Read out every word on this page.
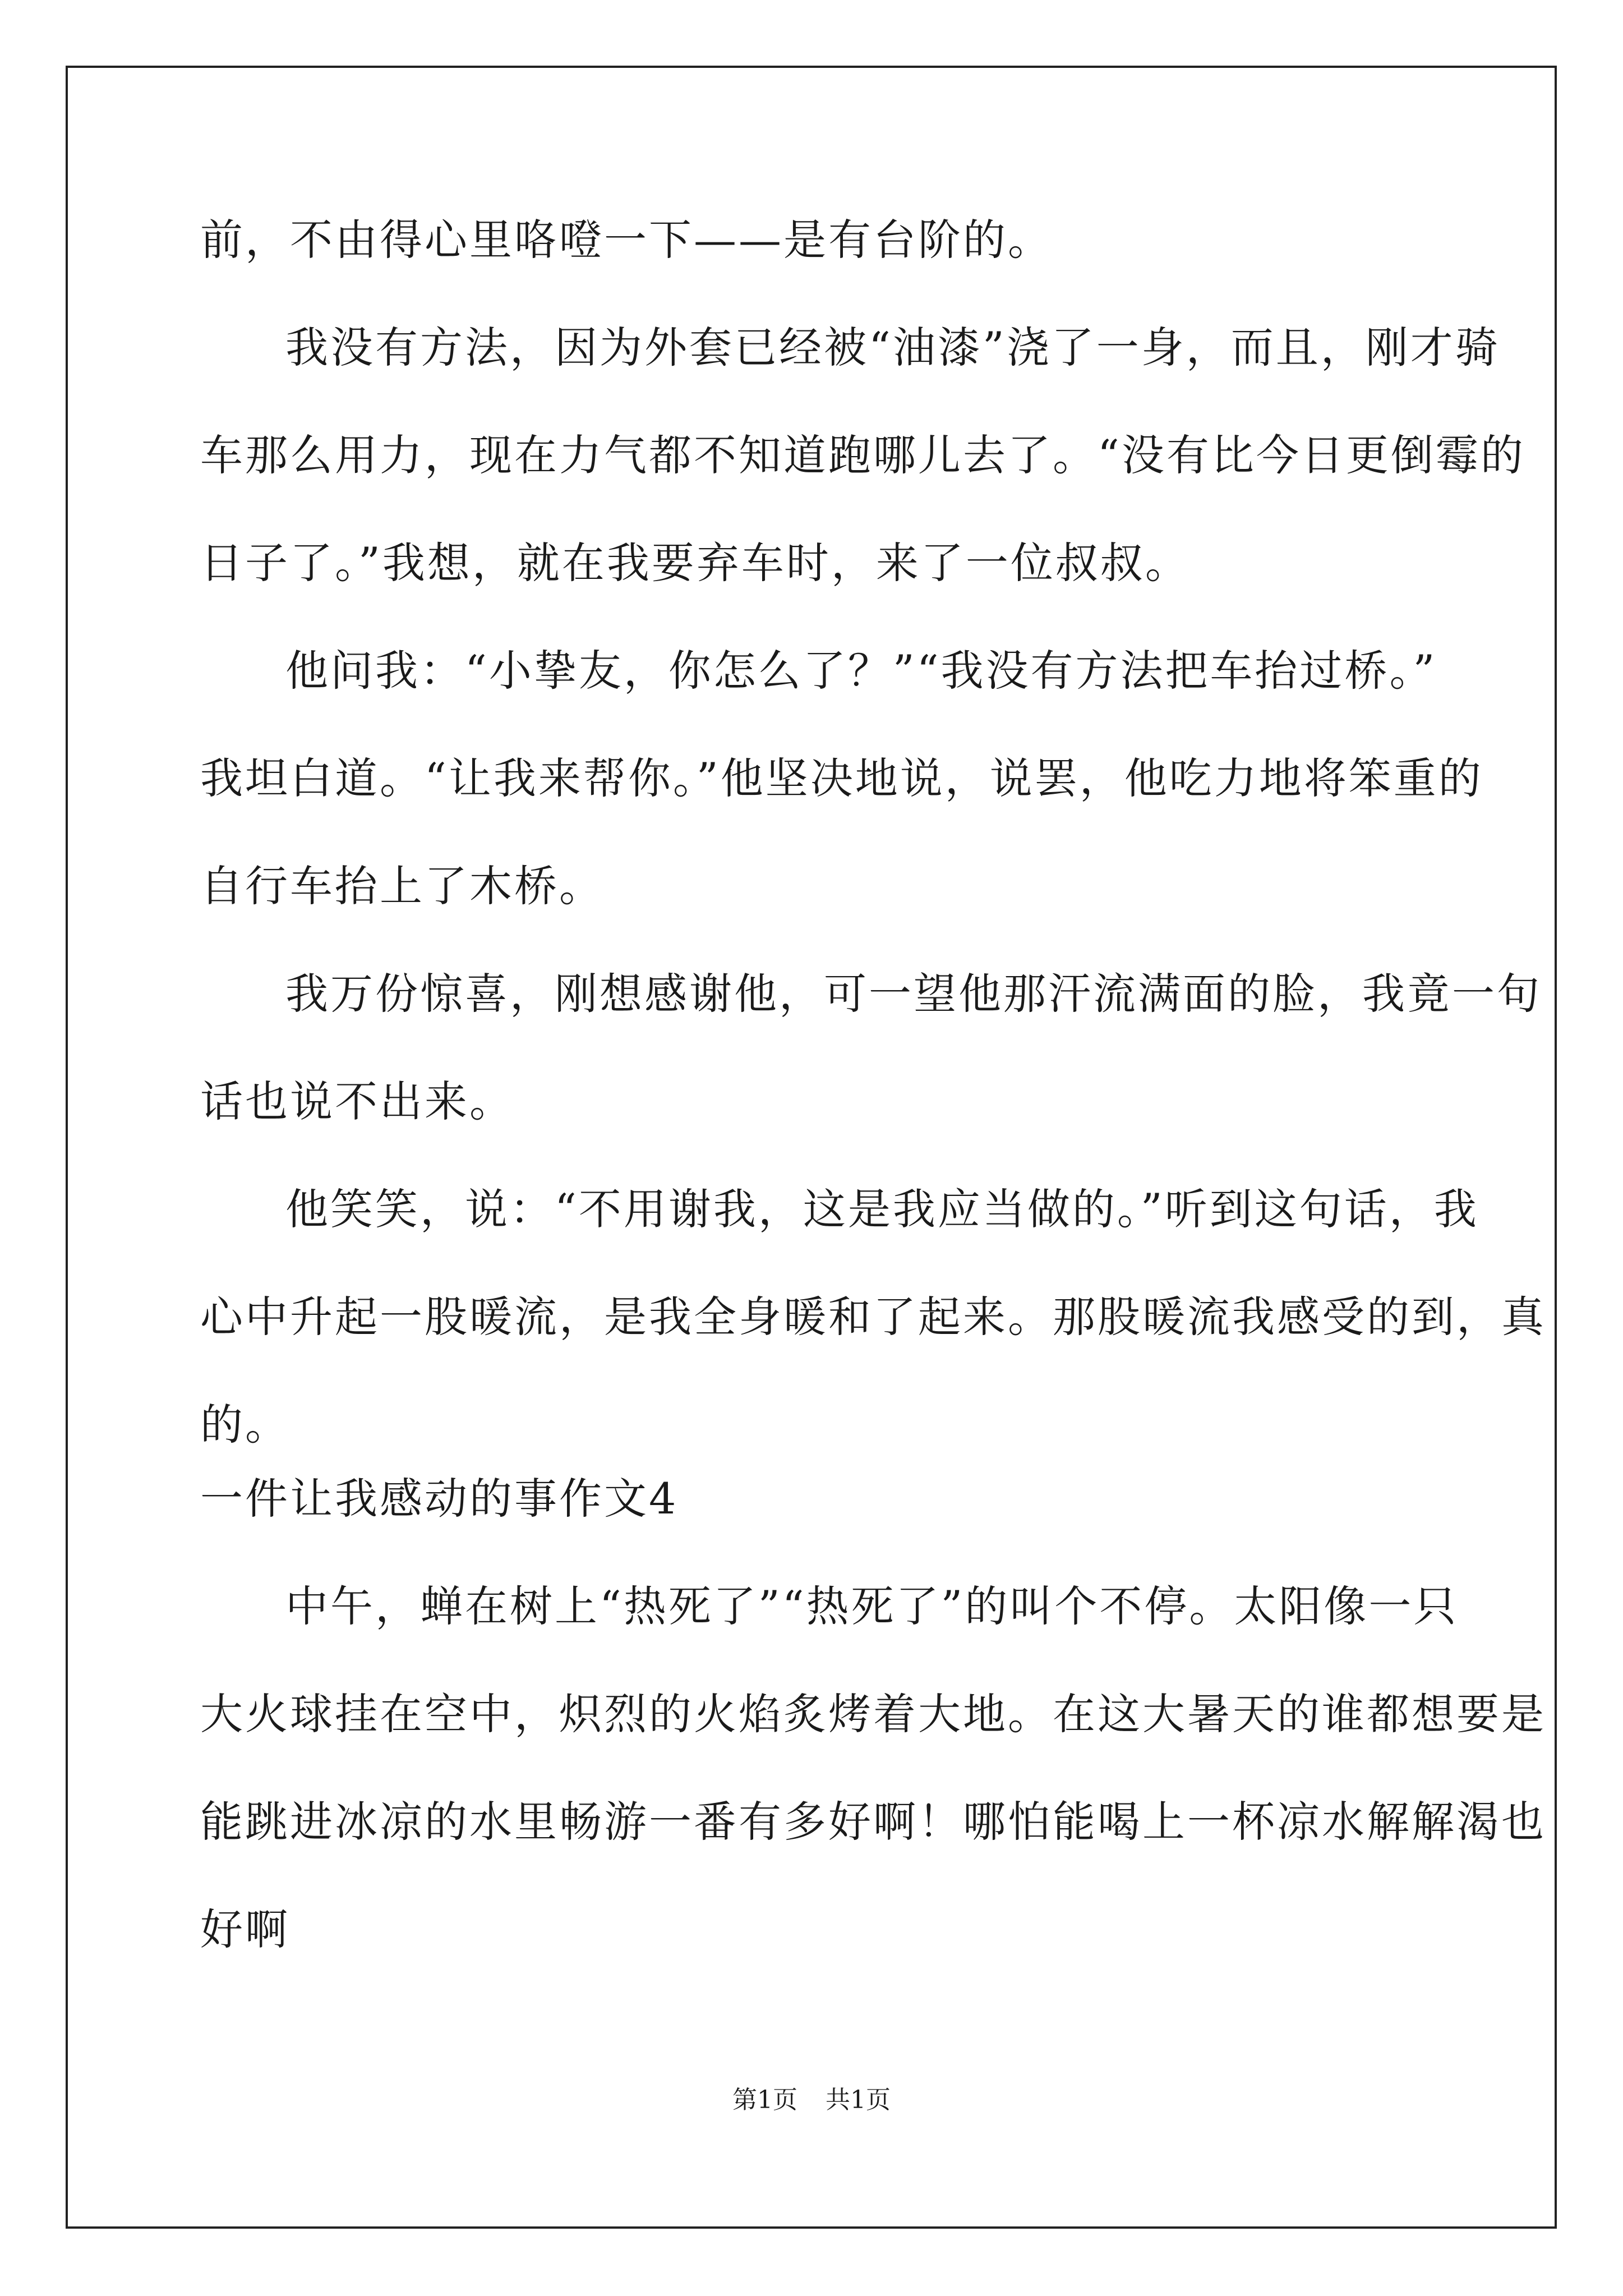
前，不由得心里咯噔一下——是有台阶的。
我没有方法，因为外套已经被“油漆”浇了一身，而且，刚才骑
车那么用力，现在力气都不知道跑哪儿去了。“没有比今日更倒霉的
日子了。”我想，就在我要弃车时，来了一位叔叔。
他问我：“小挚友，你怎么了？”“我没有方法把车抬过桥。”
我坦白道。“让我来帮你。”他坚决地说，说罢，他吃力地将笨重的
自行车抬上了木桥。
我万份惊喜，刚想感谢他，可一望他那汗流满面的脸，我竟一句
话也说不出来。
他笑笑，说：“不用谢我，这是我应当做的。”听到这句话，我
心中升起一股暖流，是我全身暖和了起来。那股暖流我感受的到，真
的。
一件让我感动的事作文4
中午，蝉在树上“热死了”“热死了”的叫个不停。太阳像一只
大火球挂在空中，炽烈的火焰炙烤着大地。在这大暑天的谁都想要是
能跳进冰凉的水里畅游一番有多好啊！哪怕能喝上一杯凉水解解渴也
好啊
第1页 共1页
